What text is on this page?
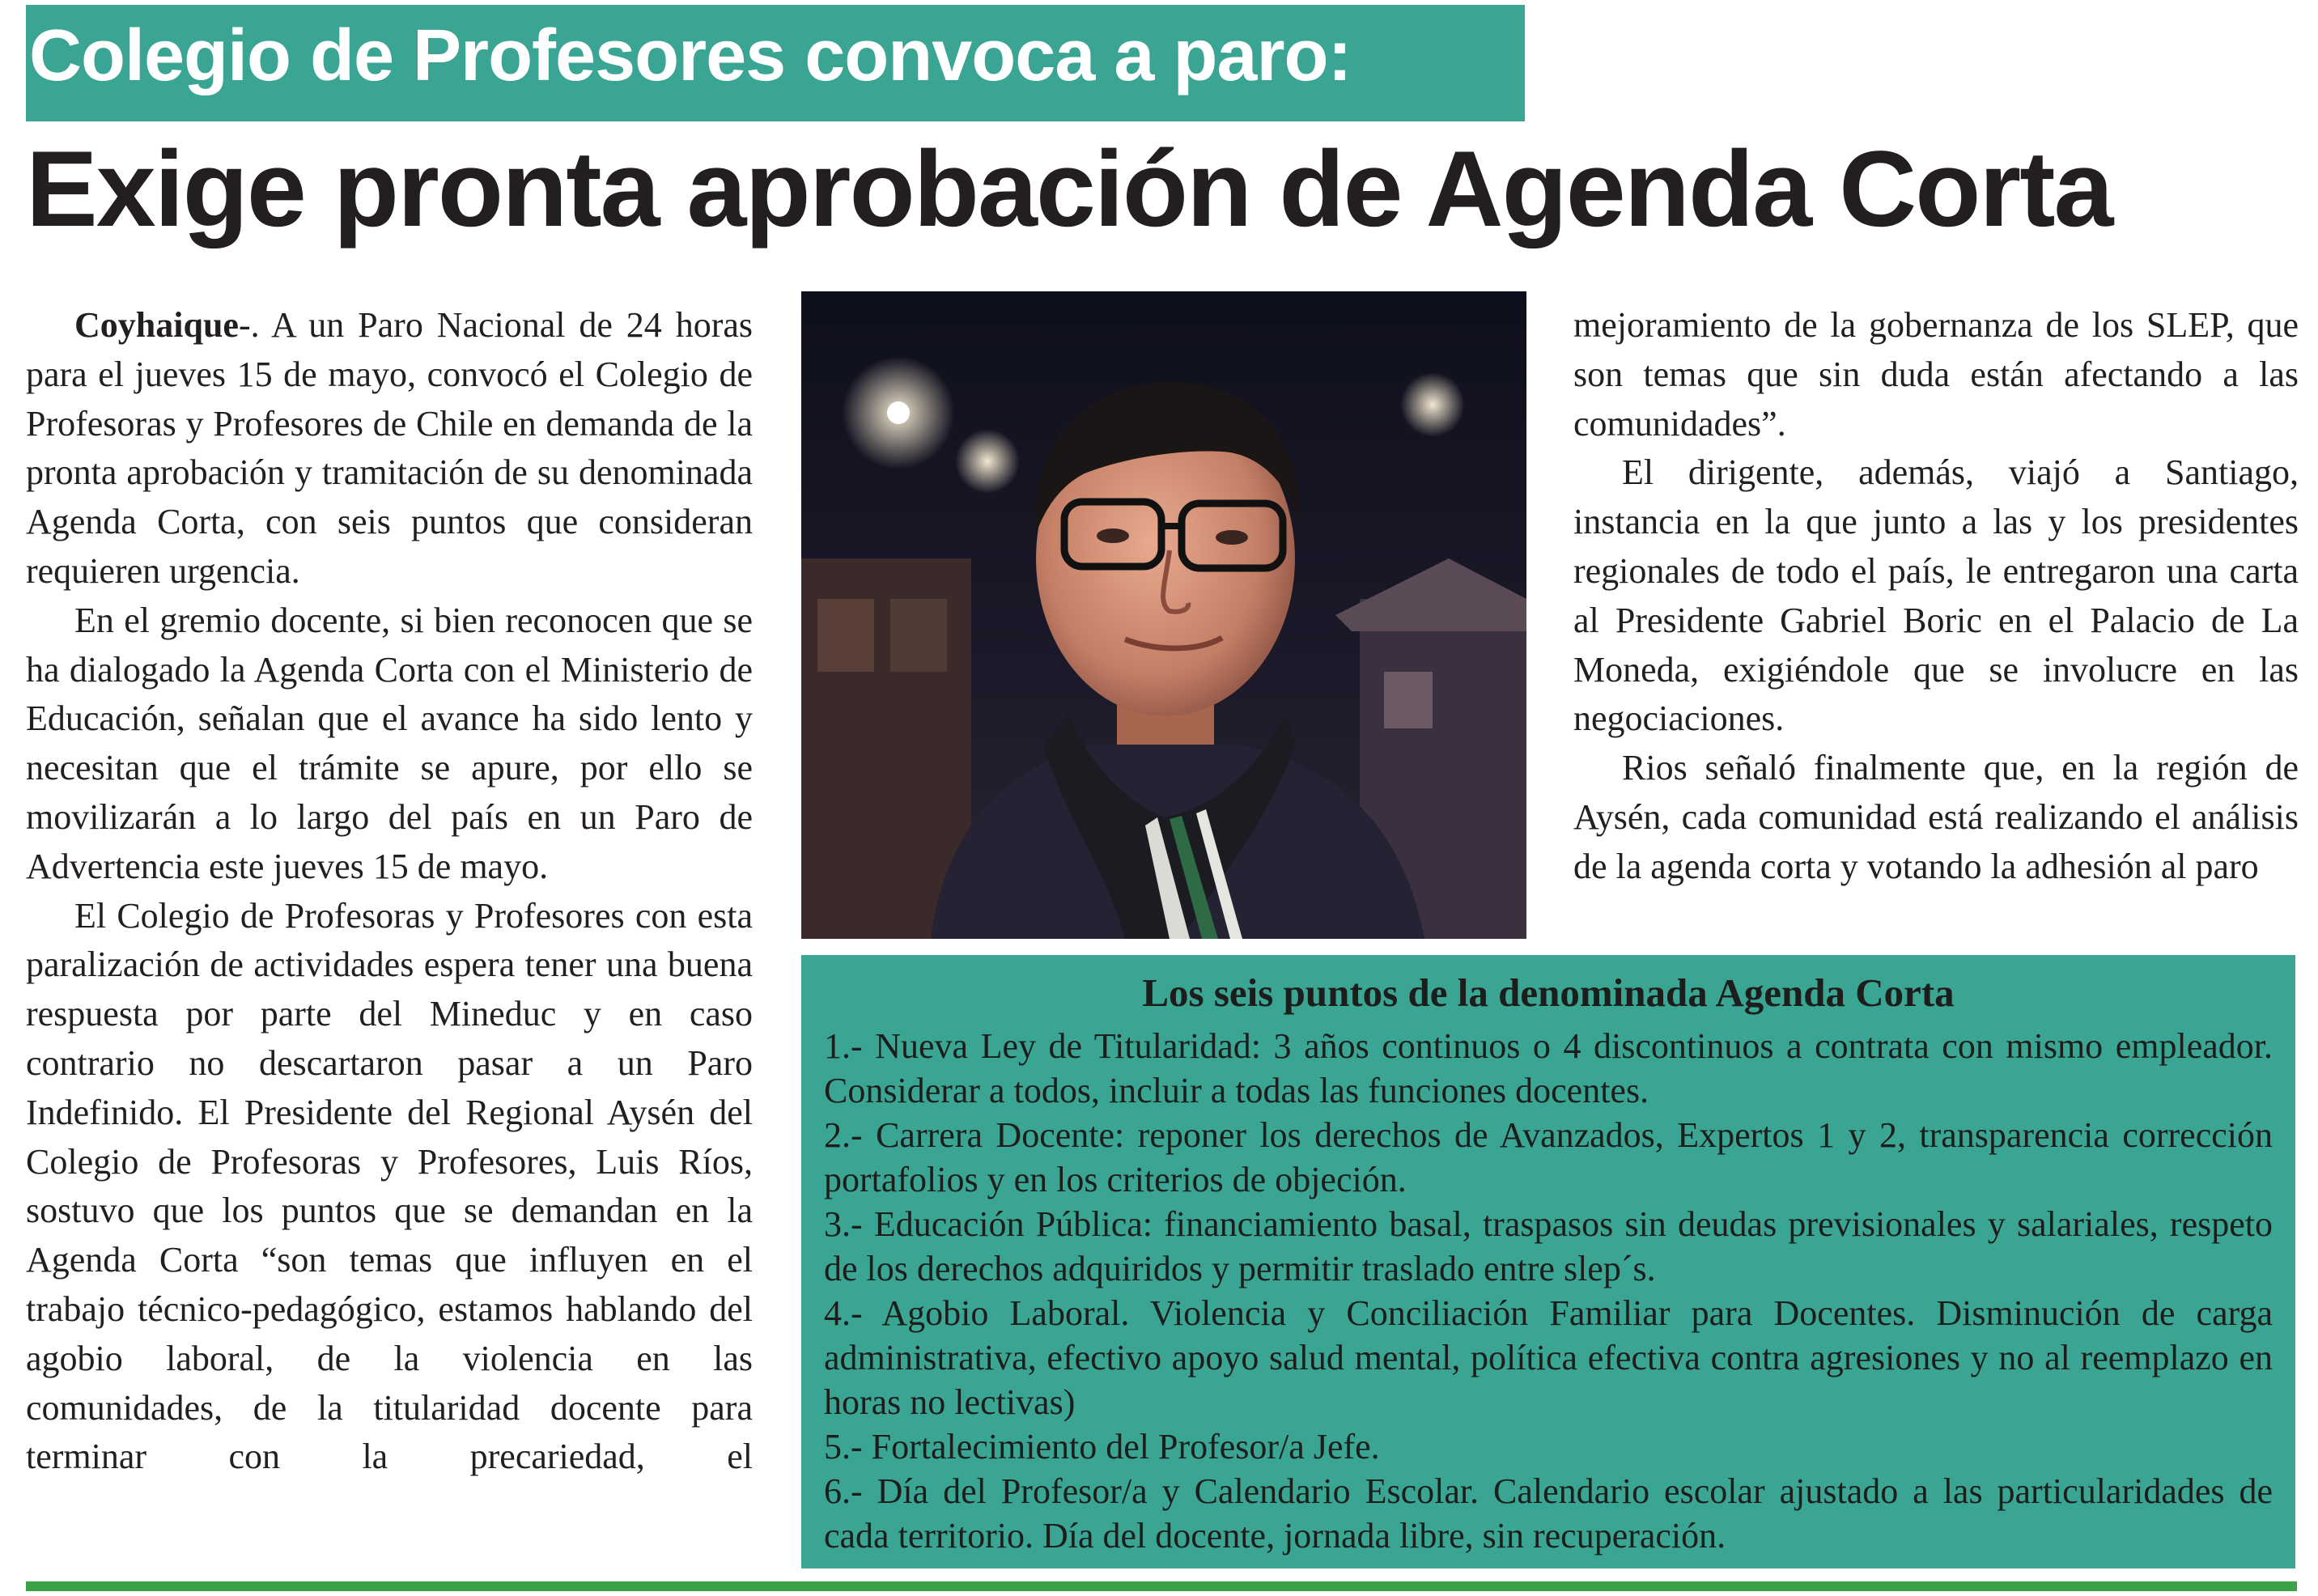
Colegio de Profesores convoca a paro:
Exige pronta aprobación de Agenda Corta

Coyhaique-. A un Paro Nacional de 24 horas para el jueves 15 de mayo, convocó el Colegio de Profesoras y Profesores de Chile en demanda de la pronta aprobación y tramitación de su denominada Agenda Corta, con seis puntos que consideran requieren urgencia.

En el gremio docente, si bien reconocen que se ha dialogado la Agenda Corta con el Ministerio de Educación, señalan que el avance ha sido lento y necesitan que el trámite se apure, por ello se movilizarán a lo largo del país en un Paro de Advertencia este jueves 15 de mayo.

El Colegio de Profesoras y Profesores con esta paralización de actividades espera tener una buena respuesta por parte del Mineduc y en caso contrario no descartaron pasar a un Paro Indefinido. El Presidente del Regional Aysén del Colegio de Profesoras y Profesores, Luis Ríos, sostuvo que los puntos que se demandan en la Agenda Corta “son temas que influyen en el trabajo técnico-pedagógico, estamos hablando del agobio laboral, de la violencia en las comunidades, de la titularidad docente para terminar con la precariedad, el

mejoramiento de la gobernanza de los SLEP, que son temas que sin duda están afectando a las comunidades”.

El dirigente, además, viajó a Santiago, instancia en la que junto a las y los presidentes regionales de todo el país, le entregaron una carta al Presidente Gabriel Boric en el Palacio de La Moneda, exigiéndole que se involucre en las negociaciones.

Rios señaló finalmente que, en la región de Aysén, cada comunidad está realizando el análisis de la agenda corta y votando la adhesión al paro

Los seis puntos de la denominada Agenda Corta
1.- Nueva Ley de Titularidad: 3 años continuos o 4 discontinuos a contrata con mismo empleador. Considerar a todos, incluir a todas las funciones docentes.
2.- Carrera Docente: reponer los derechos de Avanzados, Expertos 1 y 2, transparencia corrección portafolios y en los criterios de objeción.
3.- Educación Pública: financiamiento basal, traspasos sin deudas previsionales y salariales, respeto de los derechos adquiridos y permitir traslado entre slep´s.
4.- Agobio Laboral. Violencia y Conciliación Familiar para Docentes. Disminución de carga administrativa, efectivo apoyo salud mental, política efectiva contra agresiones y no al reemplazo en horas no lectivas)
5.- Fortalecimiento del Profesor/a Jefe.
6.- Día del Profesor/a y Calendario Escolar. Calendario escolar ajustado a las particularidades de cada territorio. Día del docente, jornada libre, sin recuperación.
